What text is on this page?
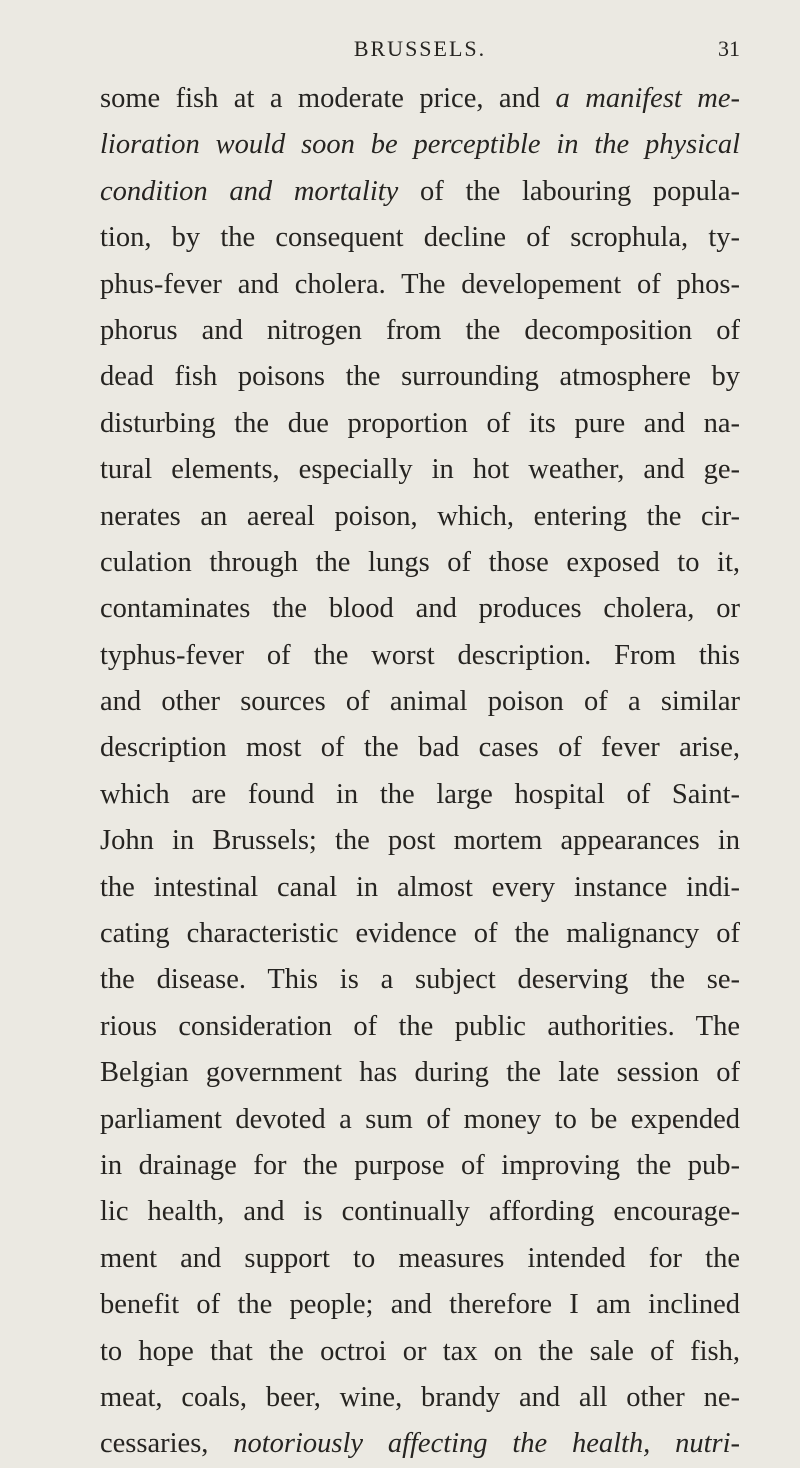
BRUSSELS.	31
some fish at a moderate price, and a manifest me-
lioration would soon be perceptible in the physical
condition and mortality of the labouring popula-
tion, by the consequent decline of scrophula, ty-
phus-fever and cholera. The developement of phos-
phorus and nitrogen from the decomposition of
dead fish poisons the surrounding atmosphere by
disturbing the due proportion of its pure and na-
tural elements, especially in hot weather, and ge-
nerates an aereal poison, which, entering the cir-
culation through the lungs of those exposed to it,
contaminates the blood and produces cholera, or
typhus-fever of the worst description. From this
and other sources of animal poison of a similar
description most of the bad cases of fever arise,
which are found in the large hospital of Saint-
John in Brussels; the post mortem appearances in
the intestinal canal in almost every instance indi-
cating characteristic evidence of the malignancy of
the disease. This is a subject deserving the se-
rious consideration of the public authorities. The
Belgian government has during the late session of
parliament devoted a sum of money to be expended
in drainage for the purpose of improving the pub-
lic health, and is continually affording encourage-
ment and support to measures intended for the
benefit of the people; and therefore I am inclined
to hope that the octroi or tax on the sale of fish,
meat, coals, beer, wine, brandy and all other ne-
cessaries, notoriously affecting the health, nutri-
